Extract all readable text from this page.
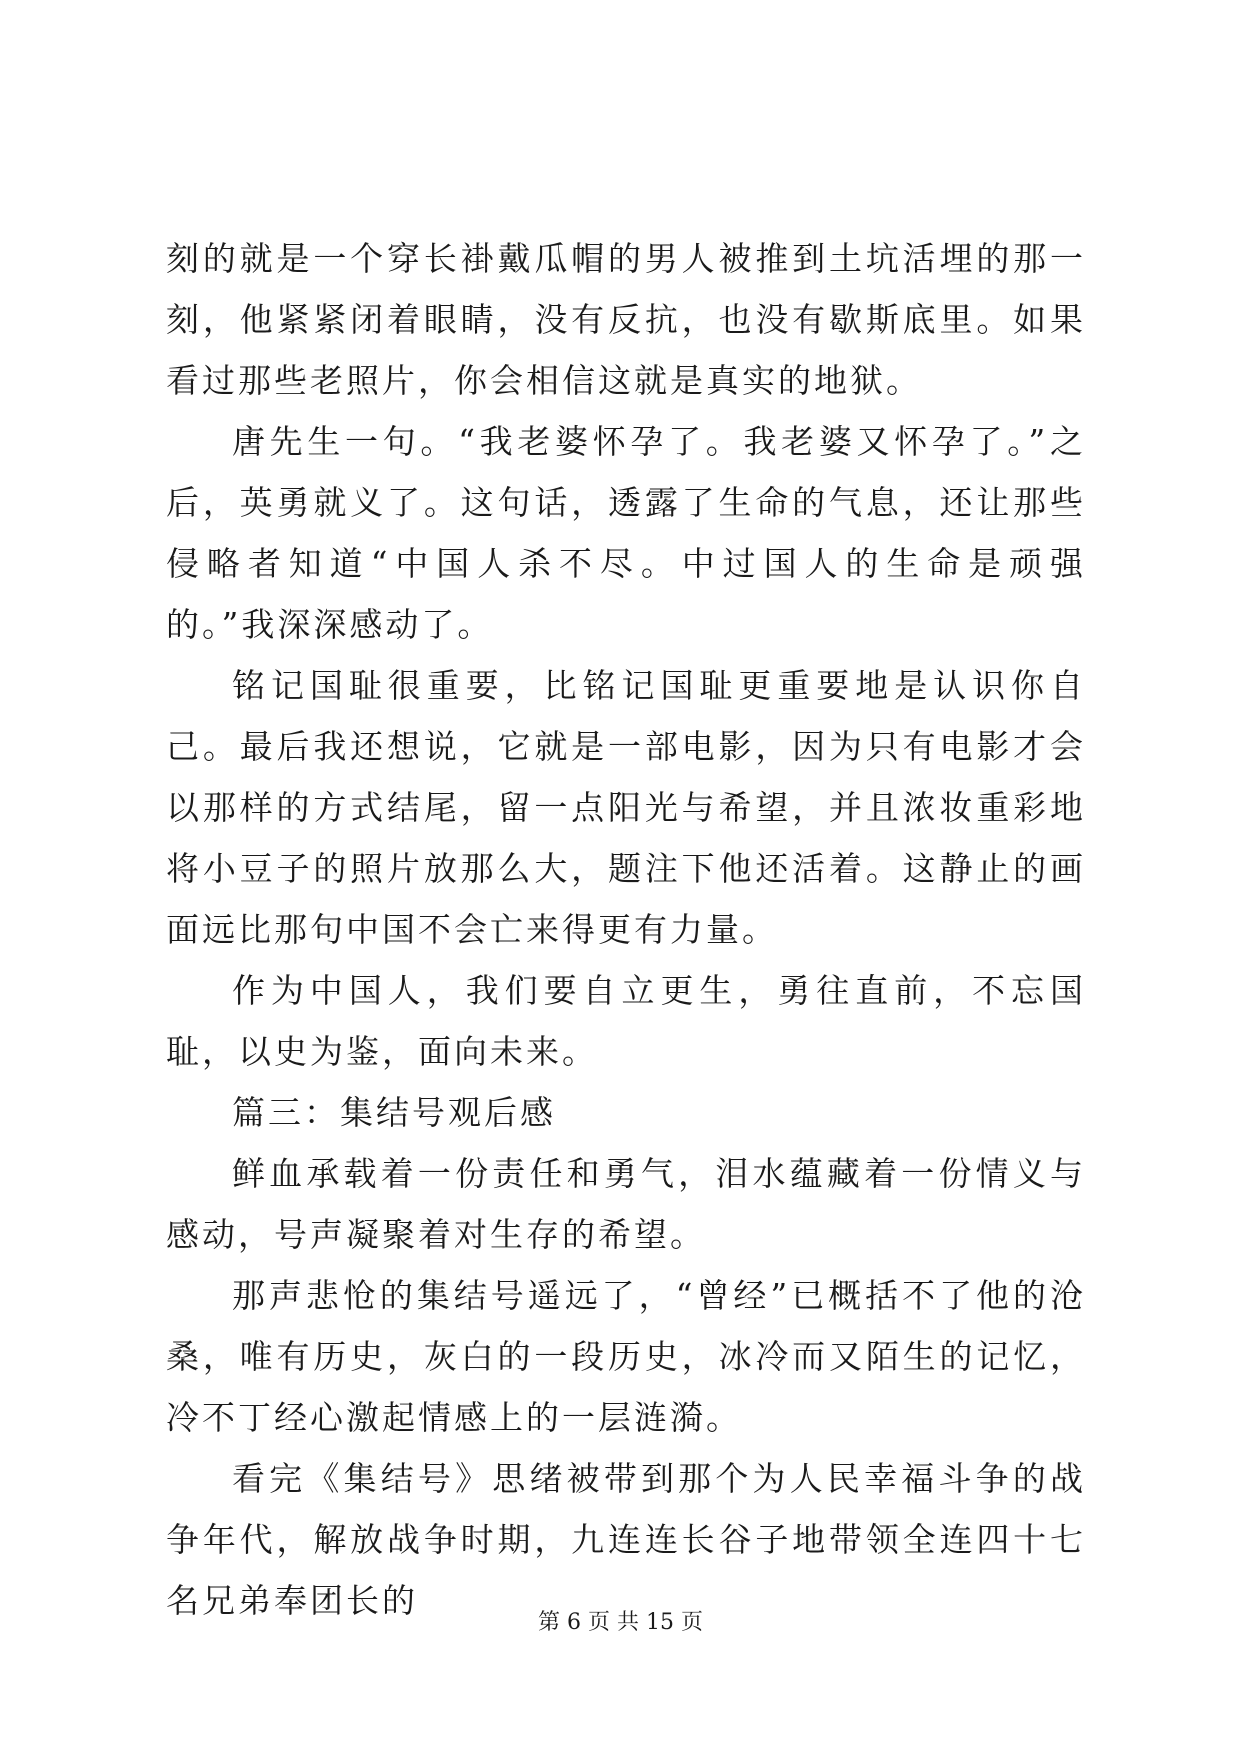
刻的就是一个穿长褂戴瓜帽的男人被推到土坑活埋的那一刻，他紧紧闭着眼睛，没有反抗，也没有歇斯底里。如果看过那些老照片，你会相信这就是真实的地狱。

唐先生一句。“我老婆怀孕了。我老婆又怀孕了。”之后，英勇就义了。这句话，透露了生命的气息，还让那些侵略者知道“中国人杀不尽。中过国人的生命是顽强的。”我深深感动了。

铭记国耻很重要，比铭记国耻更重要地是认识你自己。最后我还想说，它就是一部电影，因为只有电影才会以那样的方式结尾，留一点阳光与希望，并且浓妆重彩地将小豆子的照片放那么大，题注下他还活着。这静止的画面远比那句中国不会亡来得更有力量。

作为中国人，我们要自立更生，勇往直前，不忘国耻，以史为鉴，面向未来。

篇三：集结号观后感

鲜血承载着一份责任和勇气，泪水蕴藏着一份情义与感动，号声凝聚着对生存的希望。

那声悲怆的集结号遥远了，“曾经”已概括不了他的沧桑，唯有历史，灰白的一段历史，冰冷而又陌生的记忆，冷不丁经心激起情感上的一层涟漪。

看完《集结号》思绪被带到那个为人民幸福斗争的战争年代，解放战争时期，九连连长谷子地带领全连四十七名兄弟奉团长的

第 6 页 共 15 页
